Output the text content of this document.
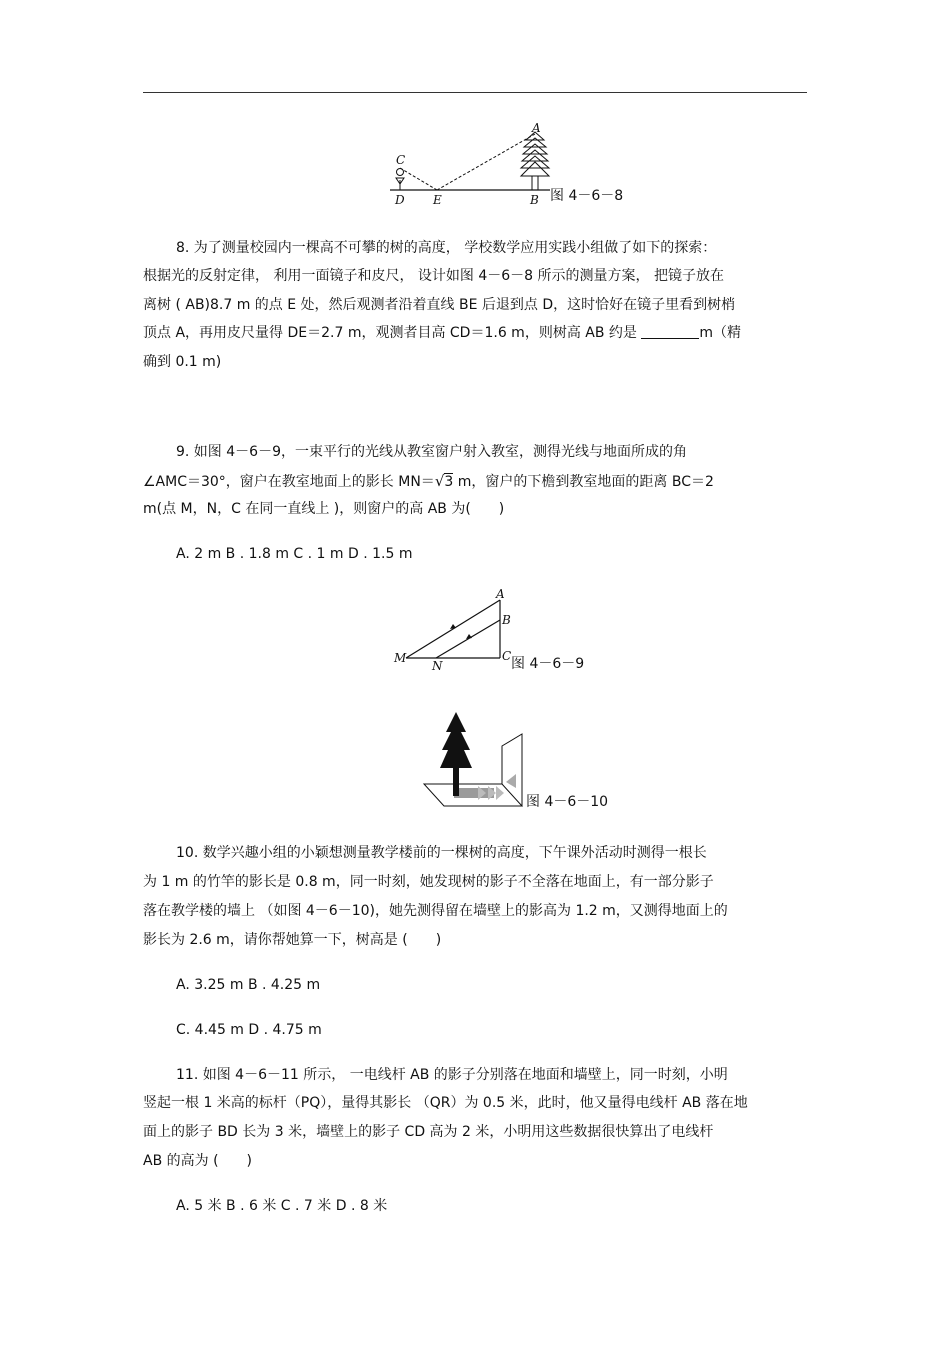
C
D E
A
B 图 4－6－8
8. 为了测量校园内一棵高不可攀的树的高度， 学校数学应用实践小组做了如下的探索：
根据光的反射定律， 利用一面镜子和皮尺， 设计如图 4－6－8 所示的测量方案， 把镜子放在
离树 ( AB)8.7 m 的点 E 处，然后观测者沿着直线 BE 后退到点 D，这时恰好在镜子里看到树梢
顶点 A，再用皮尺量得 DE＝2.7 m，观测者目高 CD＝1.6 m，则树高 AB 约是	m（精
确到 0.1 m)
9. 如图 4－6－9，一束平行的光线从教室窗户射入教室，测得光线与地面所成的角
∠AMC＝30°，窗户在教室地面上的影长 MN＝√3 m，窗户的下檐到教室地面的距离 BC＝2
m(点 M，N，C 在同一直线上 )，则窗户的高 AB 为(　　)
A. 2 m B . 1.8 m C . 1 m D . 1.5 m
A
B
C
M
N	图 4－6－9
图 4－6－10
10. 数学兴趣小组的小颖想测量教学楼前的一棵树的高度，下午课外活动时测得一根长
为 1 m 的竹竿的影长是 0.8 m，同一时刻，她发现树的影子不全落在地面上，有一部分影子
落在教学楼的墙上 （如图 4－6－10)，她先测得留在墙壁上的影高为 1.2 m，又测得地面上的
影长为 2.6 m，请你帮她算一下，树高是 (　　)
A. 3.25 m B . 4.25 m
C. 4.45 m D . 4.75 m
11. 如图 4－6－11 所示， 一电线杆 AB 的影子分别落在地面和墙壁上，同一时刻，小明
竖起一根 1 米高的标杆（PQ），量得其影长 （QR）为 0.5 米，此时，他又量得电线杆 AB 落在地
面上的影子 BD 长为 3 米，墙壁上的影子 CD 高为 2 米，小明用这些数据很快算出了电线杆
AB 的高为 (　　)
A. 5 米 B . 6 米 C . 7 米 D . 8 米
